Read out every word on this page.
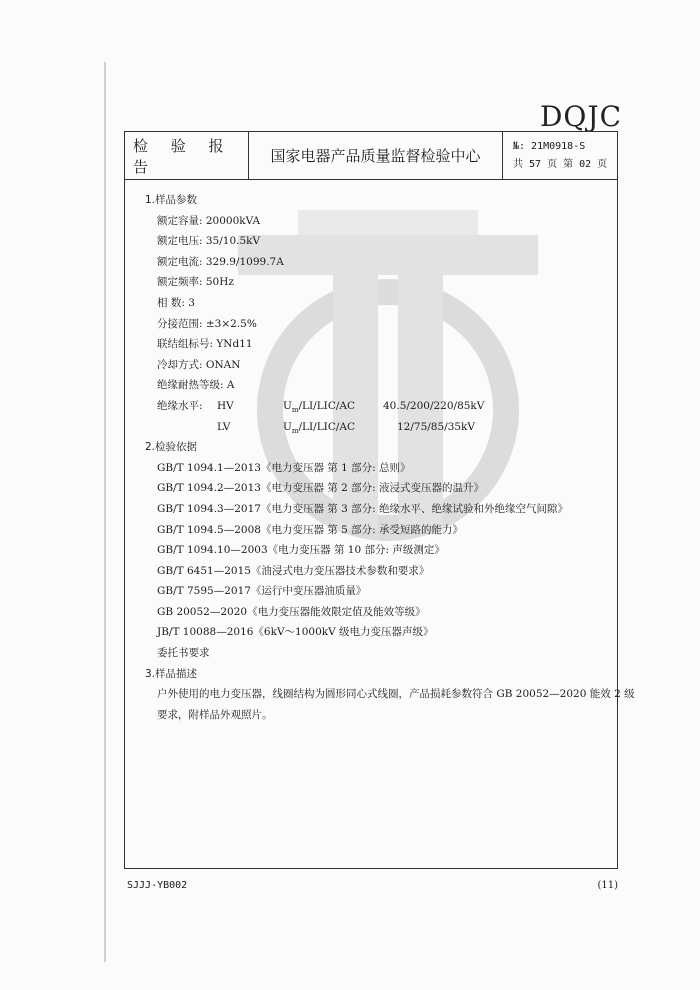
DQJC
检 验 报 告
国家电器产品质量监督检验中心
№: 21M0918-S
共 57 页 第 02 页
1.样品参数
额定容量: 20000kVA
额定电压: 35/10.5kV
额定电流: 329.9/1099.7A
额定频率: 50Hz
相 数: 3
分接范围: ±3×2.5%
联结组标号: YNd11
冷却方式: ONAN
绝缘耐热等级: A
绝缘水平: HV	$U_m/LI/LIC/AC$	40.5/200/220/85kV
LV	$U_m/LI/LIC/AC$	12/75/85/35kV
2.检验依据
GB/T 1094.1—2013《电力变压器 第 1 部分: 总则》
GB/T 1094.2—2013《电力变压器 第 2 部分: 液浸式变压器的温升》
GB/T 1094.3—2017《电力变压器 第 3 部分: 绝缘水平、绝缘试验和外绝缘空气间隙》
GB/T 1094.5—2008《电力变压器 第 5 部分: 承受短路的能力》
GB/T 1094.10—2003《电力变压器 第 10 部分: 声级测定》
GB/T 6451—2015《油浸式电力变压器技术参数和要求》
GB/T 7595—2017《运行中变压器油质量》
GB 20052—2020《电力变压器能效限定值及能效等级》
JB/T 10088—2016《6kV～1000kV 级电力变压器声级》
委托书要求
3.样品描述
户外使用的电力变压器，线圈结构为圆形同心式线圈，产品损耗参数符合 GB 20052—2020 能效 2 级
要求，附样品外观照片。
SJJJ-YB002	(11)
